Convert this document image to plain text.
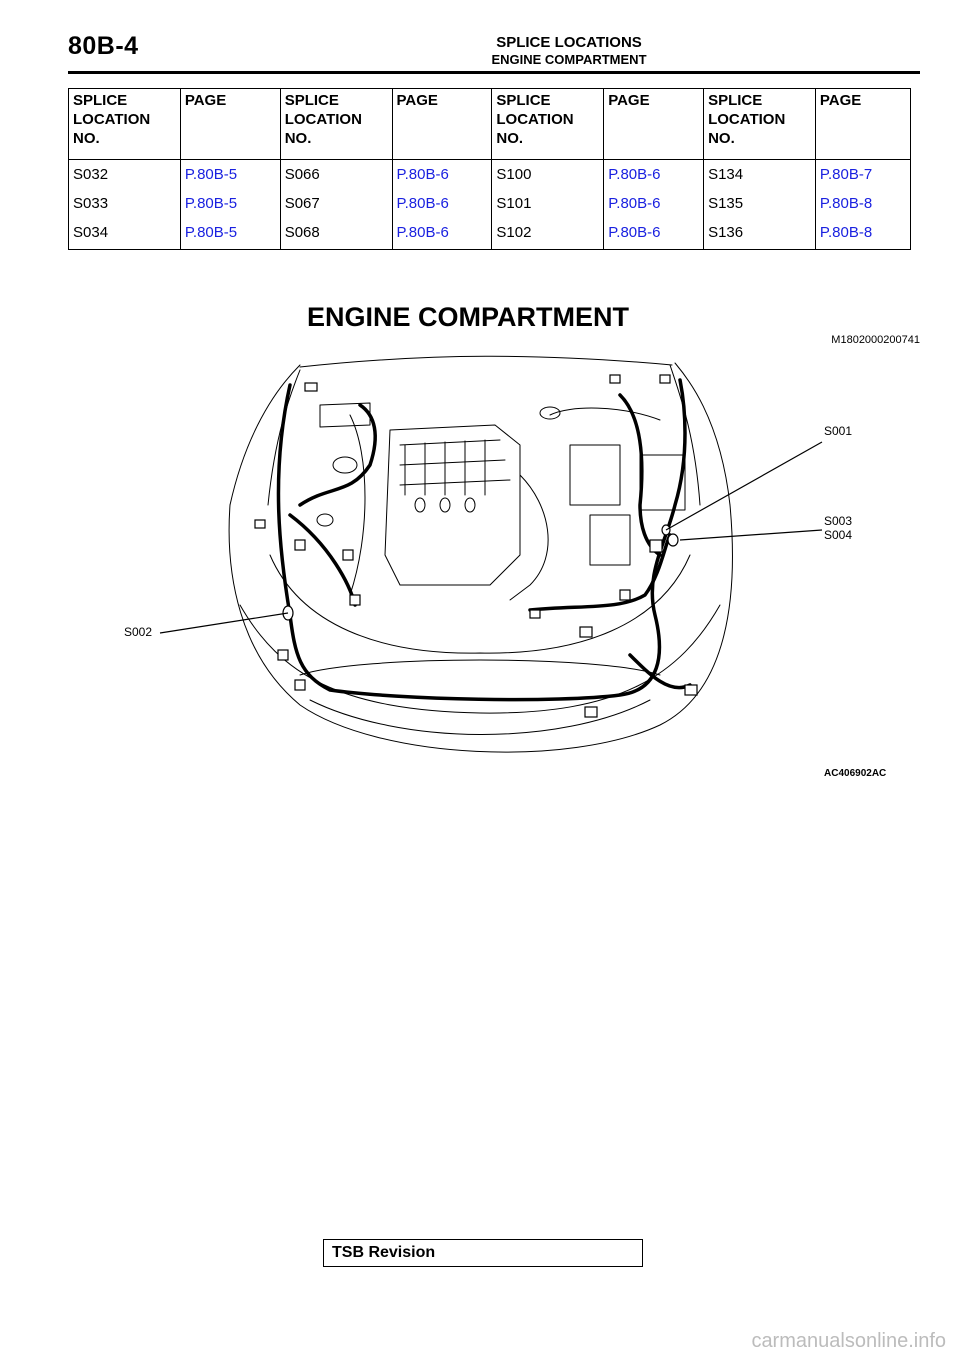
80B-4	SPLICE LOCATIONS
ENGINE COMPARTMENT
SPLICE LOCATION NO.	PAGE	SPLICE LOCATION NO.	PAGE	SPLICE LOCATION NO.	PAGE	SPLICE LOCATION NO.	PAGE
S032	P.80B-5	S066	P.80B-6	S100	P.80B-6	S134	P.80B-7
S033	P.80B-5	S067	P.80B-6	S101	P.80B-6	S135	P.80B-8
S034	P.80B-5	S068	P.80B-6	S102	P.80B-6	S136	P.80B-8
ENGINE COMPARTMENT
M1802000200741
S001
S003
S004
S002
AC406902AC
TSB Revision
carmanualsonline.info
